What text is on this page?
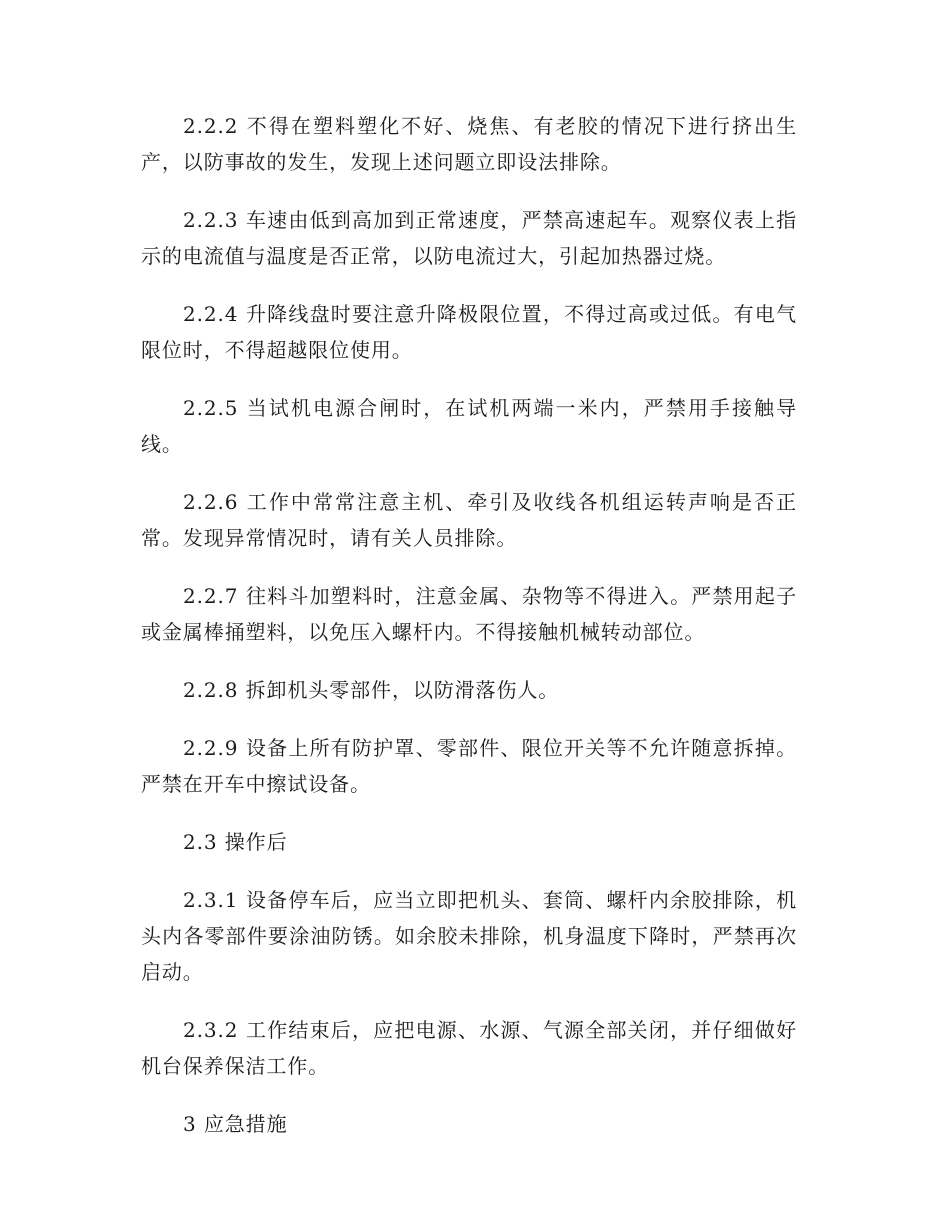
2.2.2 不得在塑料塑化不好、烧焦、有老胶的情况下进行挤出生产，以防事故的发生，发现上述问题立即设法排除。

2.2.3 车速由低到高加到正常速度，严禁高速起车。观察仪表上指示的电流值与温度是否正常，以防电流过大，引起加热器过烧。

2.2.4 升降线盘时要注意升降极限位置，不得过高或过低。有电气限位时，不得超越限位使用。

2.2.5 当试机电源合闸时，在试机两端一米内，严禁用手接触导线。

2.2.6 工作中常常注意主机、牵引及收线各机组运转声响是否正常。发现异常情况时，请有关人员排除。

2.2.7 往料斗加塑料时，注意金属、杂物等不得进入。严禁用起子或金属棒捅塑料，以免压入螺杆内。不得接触机械转动部位。

2.2.8 拆卸机头零部件，以防滑落伤人。

2.2.9 设备上所有防护罩、零部件、限位开关等不允许随意拆掉。严禁在开车中擦试设备。

2.3 操作后

2.3.1 设备停车后，应当立即把机头、套筒、螺杆内余胶排除，机头内各零部件要涂油防锈。如余胶未排除，机身温度下降时，严禁再次启动。

2.3.2 工作结束后，应把电源、水源、气源全部关闭，并仔细做好机台保养保洁工作。

3 应急措施
